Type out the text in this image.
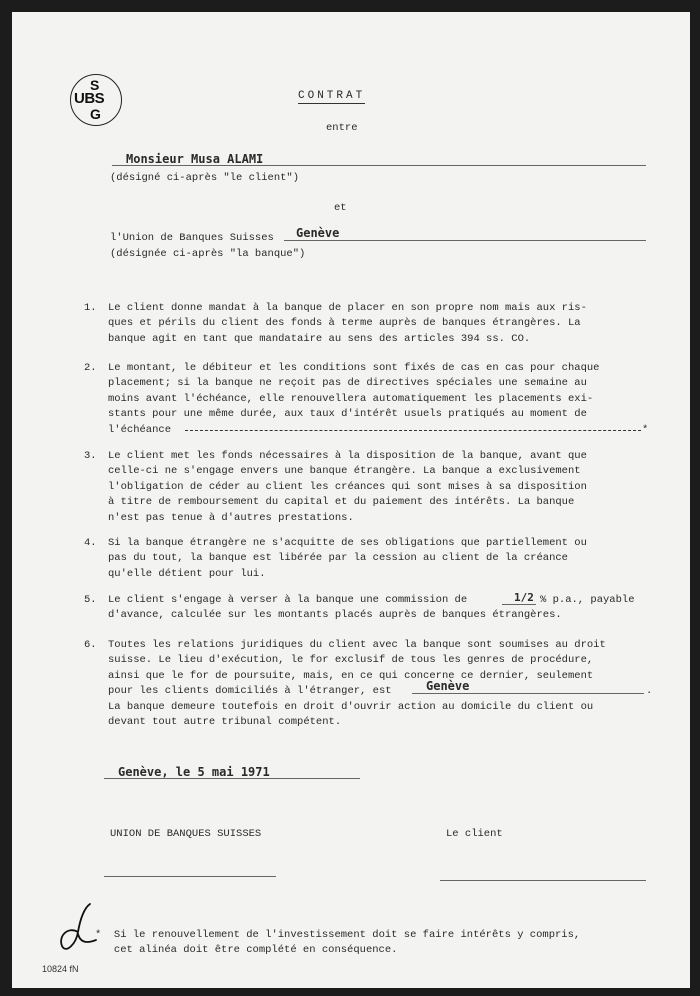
S
UBS
G
CONTRAT
entre
Monsieur Musa ALAMI
(désigné ci-après "le client")
et
l'Union de Banques Suisses Genève
(désignée ci-après "la banque")
1. Le client donne mandat à la banque de placer en son propre nom mais aux ris-

ques et périls du client des fonds à terme auprès de banques étrangères. La

banque agit en tant que mandataire au sens des articles 394 ss. CO.

2. Le montant, le débiteur et les conditions sont fixés de cas en cas pour chaque

placement; si la banque ne reçoit pas de directives spéciales une semaine au

moins avant l'échéance, elle renouvellera automatiquement les placements exi-

stants pour une même durée, aux taux d'intérêt usuels pratiqués au moment de

l'échéance	*
3. Le client met les fonds nécessaires à la disposition de la banque, avant que

celle-ci ne s'engage envers une banque étrangère. La banque a exclusivement

l'obligation de céder au client les créances qui sont mises à sa disposition

à titre de remboursement du capital et du paiement des intérêts. La banque

n'est pas tenue à d'autres prestations.

4. Si la banque étrangère ne s'acquitte de ses obligations que partiellement ou

pas du tout, la banque est libérée par la cession au client de la créance

qu'elle détient pour lui.

5. Le client s'engage à verser à la banque une commission de

d'avance, calculée sur les montants placés auprès de banques étrangères.

1/2 % p.a., payable
6. Toutes les relations juridiques du client avec la banque sont soumises au droit

suisse. Le lieu d'exécution, le for exclusif de tous les genres de procédure,

ainsi que le for de poursuite, mais, en ce qui concerne ce dernier, seulement

pour les clients domiciliés à l'étranger, est

La banque demeure toutefois en droit d'ouvrir action au domicile du client ou

devant tout autre tribunal compétent.

Genève	.
Genève, le 5 mai 1971
UNION DE BANQUES SUISSES	Le client
* Si le renouvellement de l'investissement doit se faire intérêts y compris,
cet alinéa doit être complété en conséquence.
10824 fN
